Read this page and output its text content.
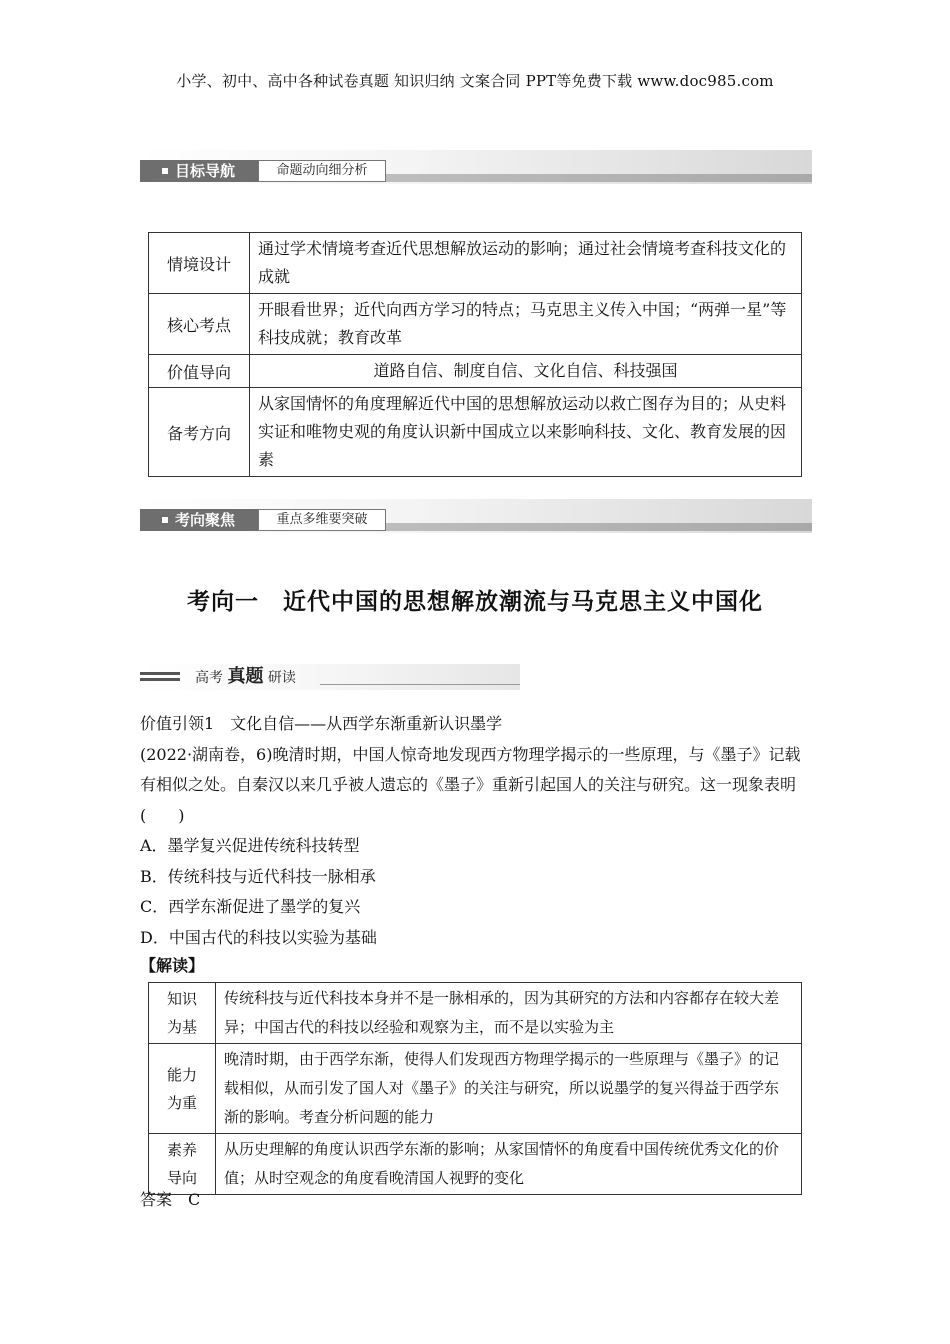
小学、初中、高中各种试卷真题 知识归纳 文案合同 PPT等免费下载 www.doc985.com
目标导航	命题动向细分析
情境设计	通过学术情境考查近代思想解放运动的影响；通过社会情境考查科技文化的成就
核心考点	开眼看世界；近代向西方学习的特点；马克思主义传入中国；“两弹一星”等科技成就；教育改革
价值导向	道路自信、制度自信、文化自信、科技强国
备考方向	从家国情怀的角度理解近代中国的思想解放运动以救亡图存为目的；从史料实证和唯物史观的角度认识新中国成立以来影响科技、文化、教育发展的因素
考向聚焦	重点多维要突破
考向一　近代中国的思想解放潮流与马克思主义中国化
高考 真题 研读

价值引领1　文化自信——从西学东渐重新认识墨学

(2022·湖南卷，6)晚清时期，中国人惊奇地发现西方物理学揭示的一些原理，与《墨子》记载有相似之处。自秦汉以来几乎被人遗忘的《墨子》重新引起国人的关注与研究。这一现象表明(　　)

A．墨学复兴促进传统科技转型

B．传统科技与近代科技一脉相承

C．西学东渐促进了墨学的复兴

D．中国古代的科技以实验为基础

【解读】
知识
为基	传统科技与近代科技本身并不是一脉相承的，因为其研究的方法和内容都存在较大差异；中国古代的科技以经验和观察为主，而不是以实验为主
能力
为重	晚清时期，由于西学东渐，使得人们发现西方物理学揭示的一些原理与《墨子》的记载相似，从而引发了国人对《墨子》的关注与研究，所以说墨学的复兴得益于西学东渐的影响。考查分析问题的能力
素养
导向	从历史理解的角度认识西学东渐的影响；从家国情怀的角度看中国传统优秀文化的价值；从时空观念的角度看晚清国人视野的变化
答案　C
